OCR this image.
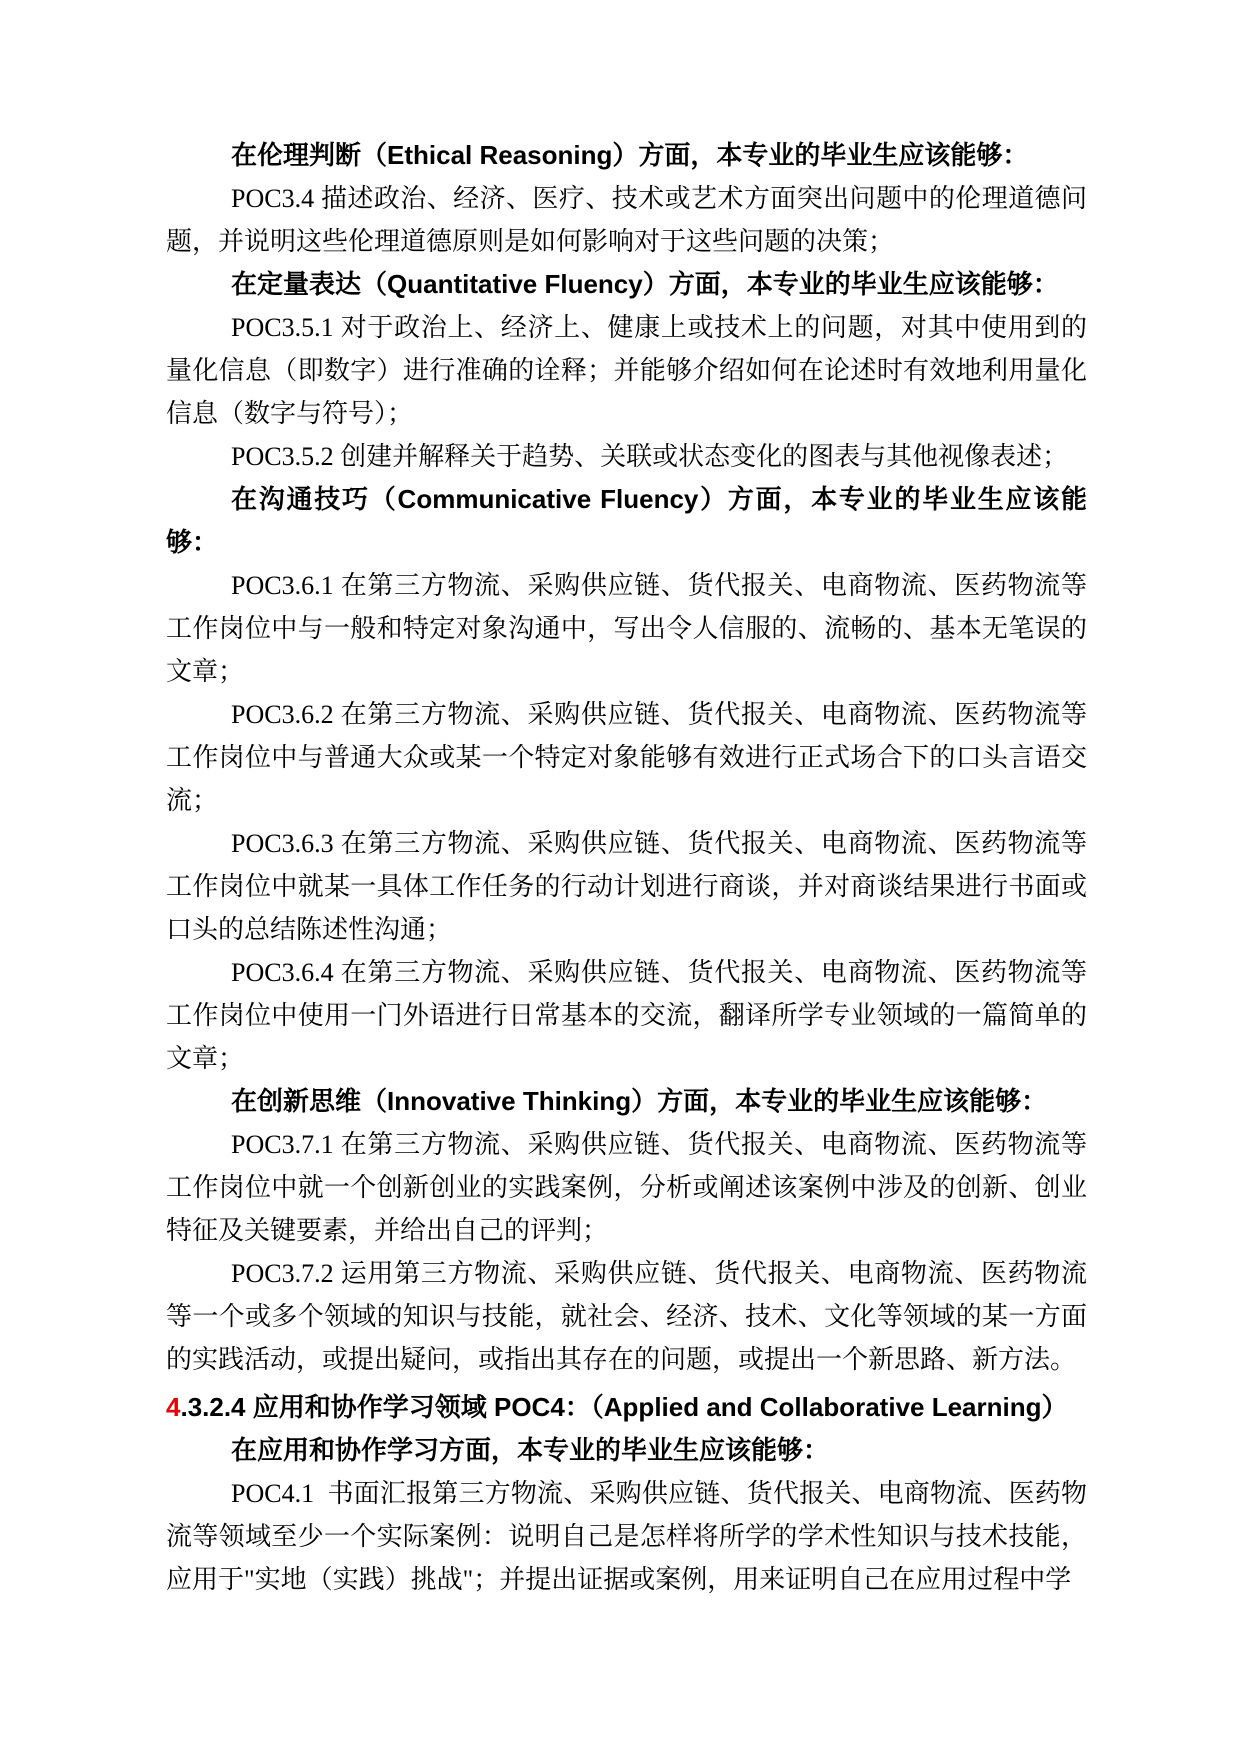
在伦理判断（Ethical Reasoning）方面，本专业的毕业生应该能够：

POC3.4 描述政治、经济、医疗、技术或艺术方面突出问题中的伦理道德问题，并说明这些伦理道德原则是如何影响对于这些问题的决策；

在定量表达（Quantitative Fluency）方面，本专业的毕业生应该能够：

POC3.5.1 对于政治上、经济上、健康上或技术上的问题，对其中使用到的量化信息（即数字）进行准确的诠释；并能够介绍如何在论述时有效地利用量化信息（数字与符号）；

POC3.5.2 创建并解释关于趋势、关联或状态变化的图表与其他视像表述；

在沟通技巧（Communicative Fluency）方面，本专业的毕业生应该能够：

POC3.6.1 在第三方物流、采购供应链、货代报关、电商物流、医药物流等工作岗位中与一般和特定对象沟通中，写出令人信服的、流畅的、基本无笔误的文章；

POC3.6.2 在第三方物流、采购供应链、货代报关、电商物流、医药物流等工作岗位中与普通大众或某一个特定对象能够有效进行正式场合下的口头言语交流；

POC3.6.3 在第三方物流、采购供应链、货代报关、电商物流、医药物流等工作岗位中就某一具体工作任务的行动计划进行商谈，并对商谈结果进行书面或口头的总结陈述性沟通；

POC3.6.4 在第三方物流、采购供应链、货代报关、电商物流、医药物流等工作岗位中使用一门外语进行日常基本的交流，翻译所学专业领域的一篇简单的文章；

在创新思维（Innovative Thinking）方面，本专业的毕业生应该能够：

POC3.7.1 在第三方物流、采购供应链、货代报关、电商物流、医药物流等工作岗位中就一个创新创业的实践案例，分析或阐述该案例中涉及的创新、创业特征及关键要素，并给出自己的评判；

POC3.7.2 运用第三方物流、采购供应链、货代报关、电商物流、医药物流等一个或多个领域的知识与技能，就社会、经济、技术、文化等领域的某一方面的实践活动，或提出疑问，或指出其存在的问题，或提出一个新思路、新方法。

4.3.2.4 应用和协作学习领域 POC4：（Applied and Collaborative Learning）

在应用和协作学习方面，本专业的毕业生应该能够：

POC4.1  书面汇报第三方物流、采购供应链、货代报关、电商物流、医药物流等领域至少一个实际案例：说明自己是怎样将所学的学术性知识与技术技能，应用于"实地（实践）挑战"；并提出证据或案例，用来证明自己在应用过程中学
